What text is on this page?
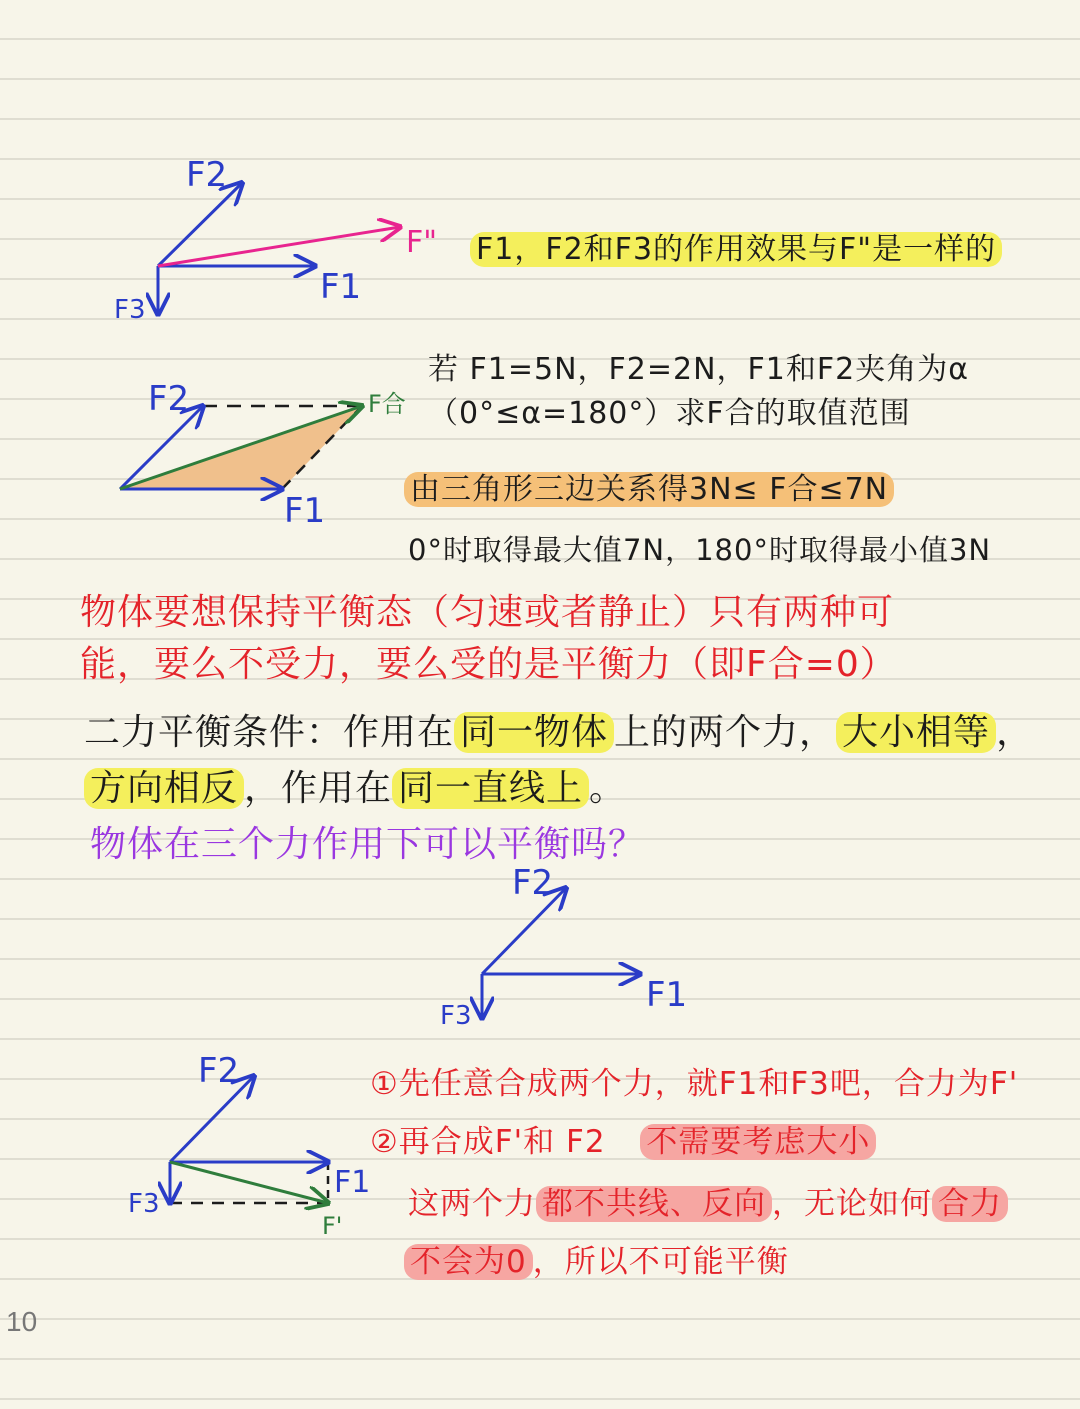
F2
F1
F3
F"
F2
F1
F合
F2
F1
F3
F2
F1
F3
F'
F1，F2和F3的作用效果与F"是一样的
若 F1=5N，F2=2N，F1和F2夹角为α
（0°≤α=180°）求F合的取值范围
由三角形三边关系得3N≤ F合≤7N
0°时取得最大值7N，180°时取得最小值3N
物体要想保持平衡态（匀速或者静止）只有两种可
能，要么不受力，要么受的是平衡力（即F合=0）
二力平衡条件：作用在 同一物体 上的两个力， 大小相等 ，
方向相反 ，作用在 同一直线上 。
物体在三个力作用下可以平衡吗？
①先任意合成两个力，就F1和F3吧，合力为F'
②再合成F'和 F2 不需要考虑大小
这两个力 都不共线、反向 ，无论如何 合力
不会为0 ，所以不可能平衡
10
